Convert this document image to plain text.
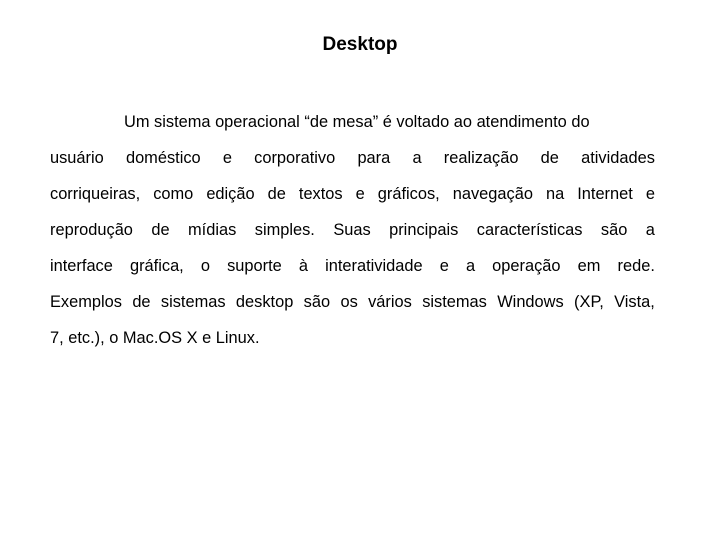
Desktop
Um sistema operacional “de mesa” é voltado ao atendimento do
usuário doméstico e corporativo para a realização de atividades
corriqueiras, como edição de textos e gráficos, navegação na Internet e
reprodução de mídias simples. Suas principais características são a
interface gráfica, o suporte à interatividade e a operação em rede.
Exemplos de sistemas desktop são os vários sistemas Windows (XP, Vista,
7, etc.), o Mac.OS X e Linux.
